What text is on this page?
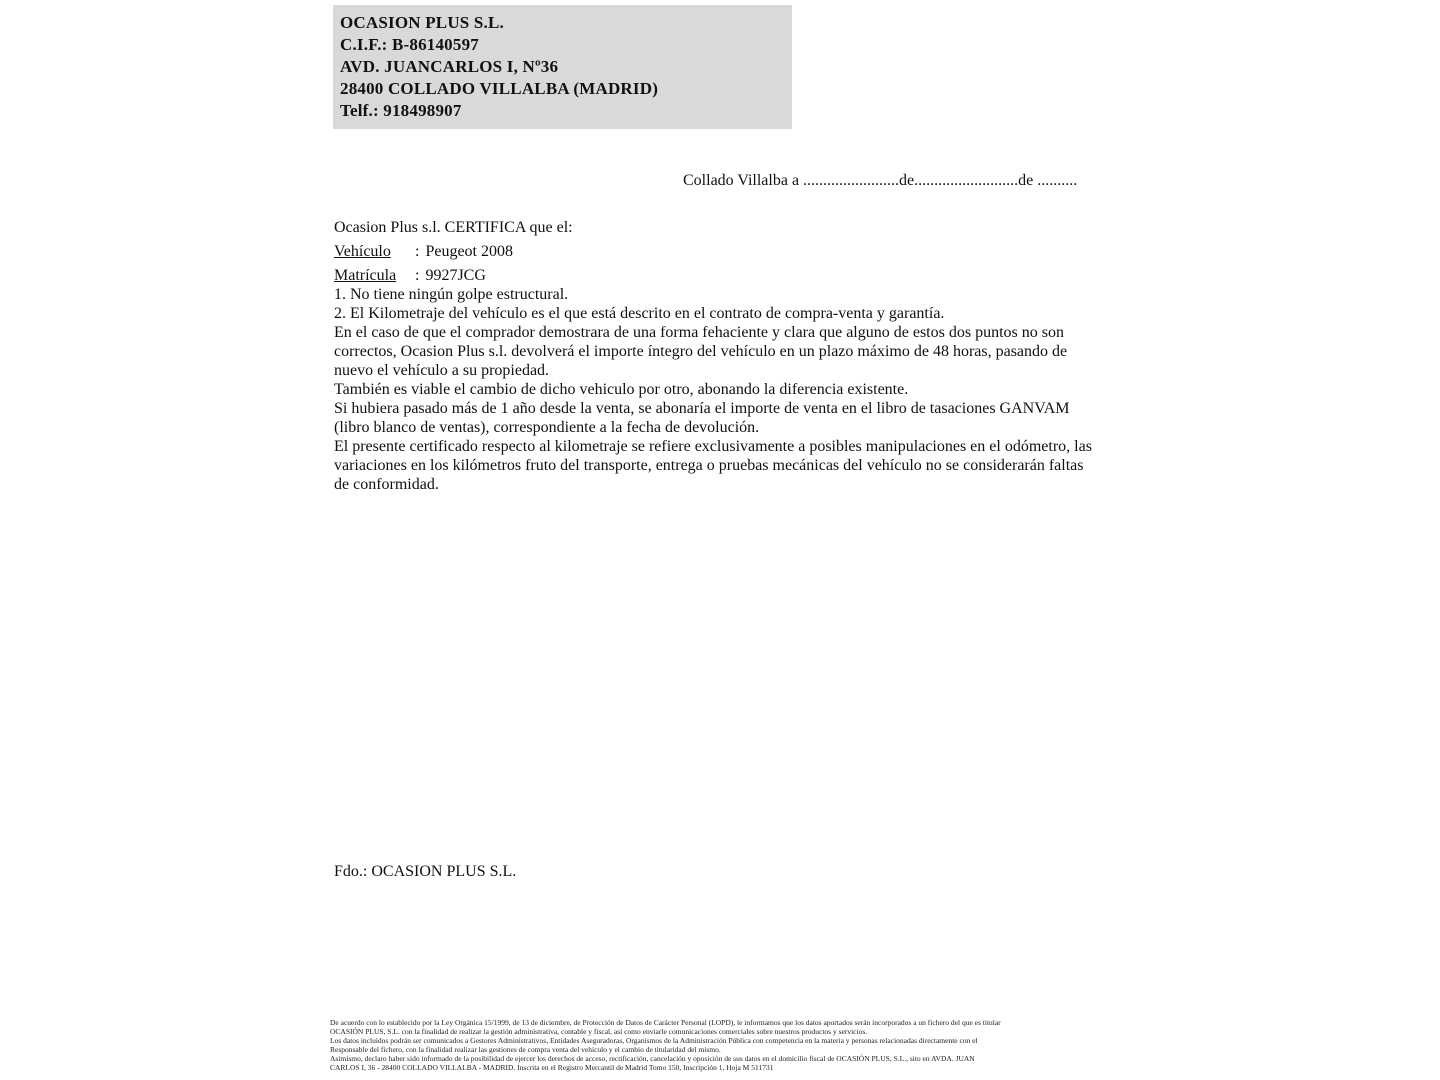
OCASION PLUS S.L.
C.I.F.: B-86140597
AVD. JUANCARLOS I, Nº36
28400 COLLADO VILLALBA (MADRID)
Telf.: 918498907
Collado Villalba a ........................de..........................de ..........

Ocasion Plus s.l. CERTIFICA que el:

Vehículo : Peugeot 2008
Matrícula : 9927JCG

1. No tiene ningún golpe estructural.

2. El Kilometraje del vehículo es el que está descrito en el contrato de compra-venta y garantía.

En el caso de que el comprador demostrara de una forma fehaciente y clara que alguno de estos dos puntos no son correctos, Ocasion Plus s.l. devolverá el importe íntegro del vehículo en un plazo máximo de 48 horas, pasando de nuevo el vehículo a su propiedad.

También es viable el cambio de dicho vehiculo por otro, abonando la diferencia existente.

Si hubiera pasado más de 1 año desde la venta, se abonaría el importe de venta en el libro de tasaciones GANVAM (libro blanco de ventas), correspondiente a la fecha de devolución.

El presente certificado respecto al kilometraje se refiere exclusivamente a posibles manipulaciones en el odómetro, las variaciones en los kilómetros fruto del transporte, entrega o pruebas mecánicas del vehículo no se considerarán faltas de conformidad.

Fdo.: OCASION PLUS S.L.
De acuerdo con lo establecido por la Ley Orgánica 15/1999, de 13 de diciembre, de Protección de Datos de Carácter Personal (LOPD), le informamos que los datos aportados serán incorporados a un fichero del que es titular
OCASIÓN PLUS, S.L. con la finalidad de realizar la gestión administrativa, contable y fiscal, así como enviarle comunicaciones comerciales sobre nuestros productos y servicios.
Los datos incluidos podrán ser comunicados a Gestores Administrativos, Entidades Aseguradoras, Organismos de la Administración Pública con competencia en la materia y personas relacionadas directamente con el
Responsable del fichero, con la finalidad realizar las gestiones de compra venta del vehículo y el cambio de titularidad del mismo.
Asimismo, declaro haber sido informado de la posibilidad de ejercer los derechos de acceso, rectificación, cancelación y oposición de sus datos en el domicilio fiscal de OCASIÓN PLUS, S.L., sito en AVDA. JUAN
CARLOS I, 36 - 28400 COLLADO VILLALBA - MADRID. Inscrita en el Registro Mercantil de Madrid Tomo 150, Inscripción 1, Hoja M 511731
